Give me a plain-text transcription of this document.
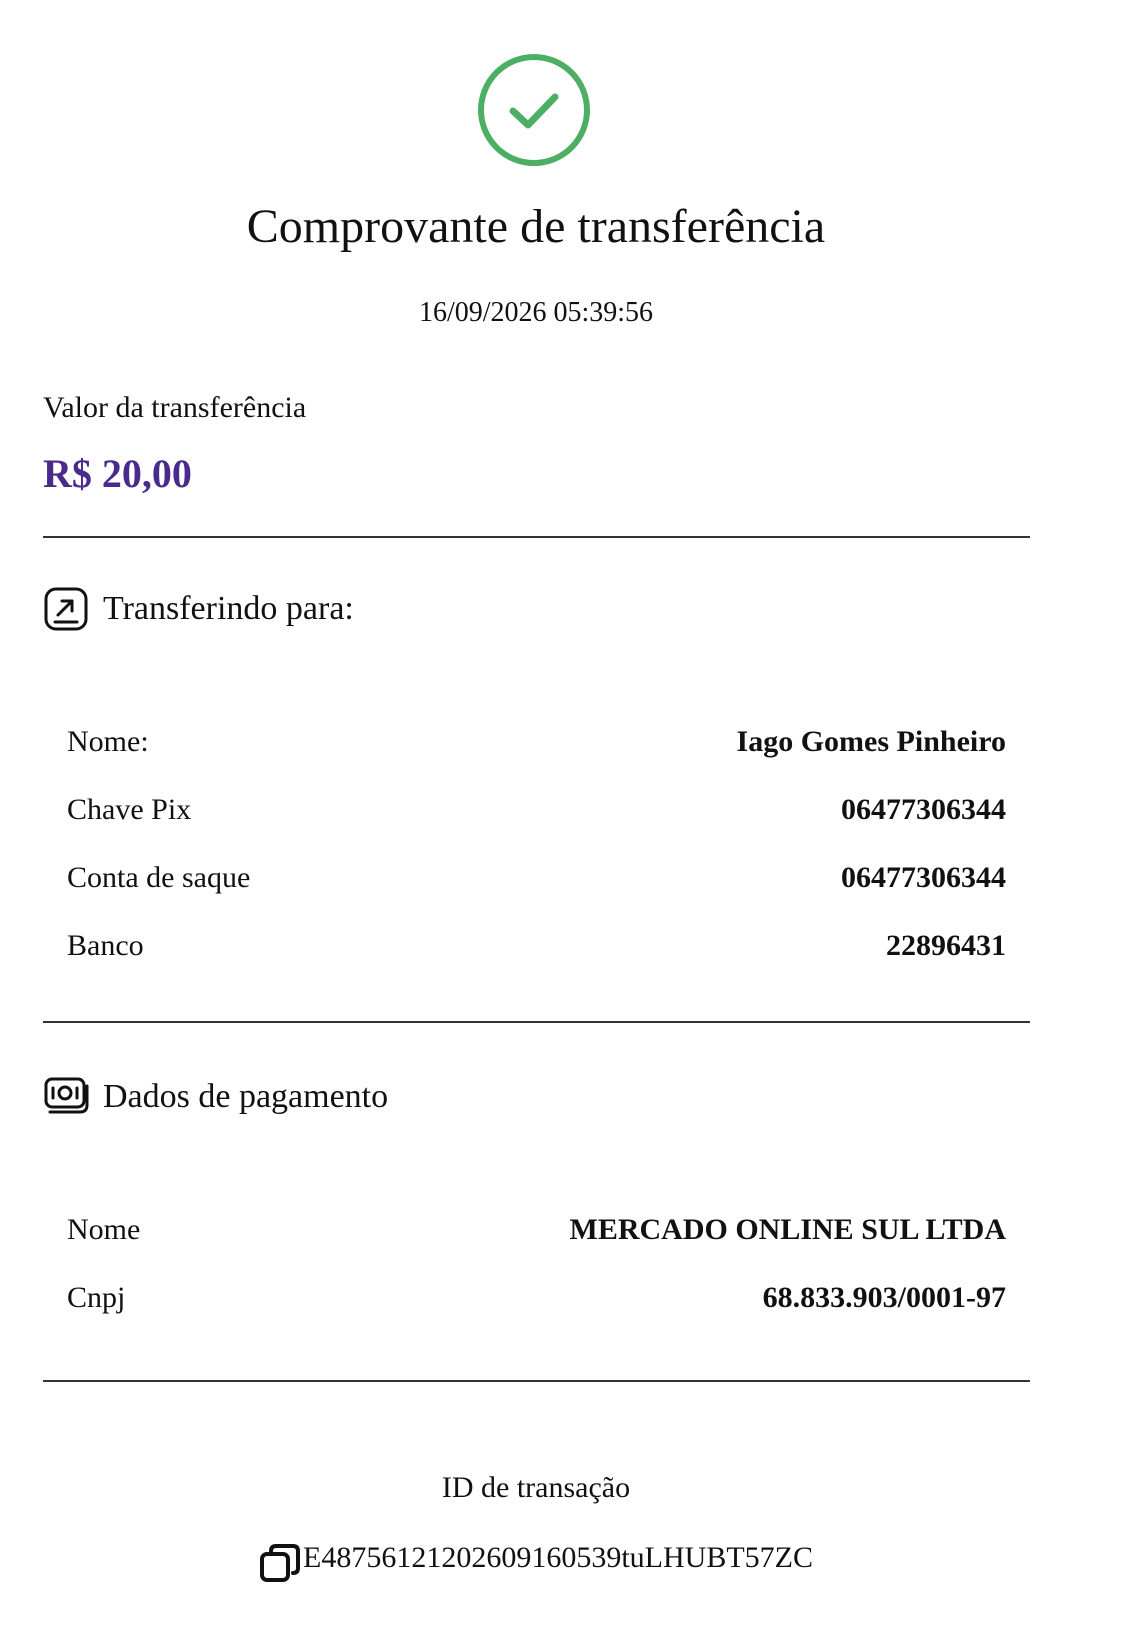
Comprovante de transferência
16/09/2026 05:39:56
Valor da transferência
R$ 20,00
Transferindo para:
Nome:	Iago Gomes Pinheiro
Chave Pix	06477306344
Conta de saque	06477306344
Banco	22896431
Dados de pagamento
Nome	MERCADO ONLINE SUL LTDA
Cnpj	68.833.903/0001-97
ID de transação
E48756121202609160539tuLHUBT57ZC
